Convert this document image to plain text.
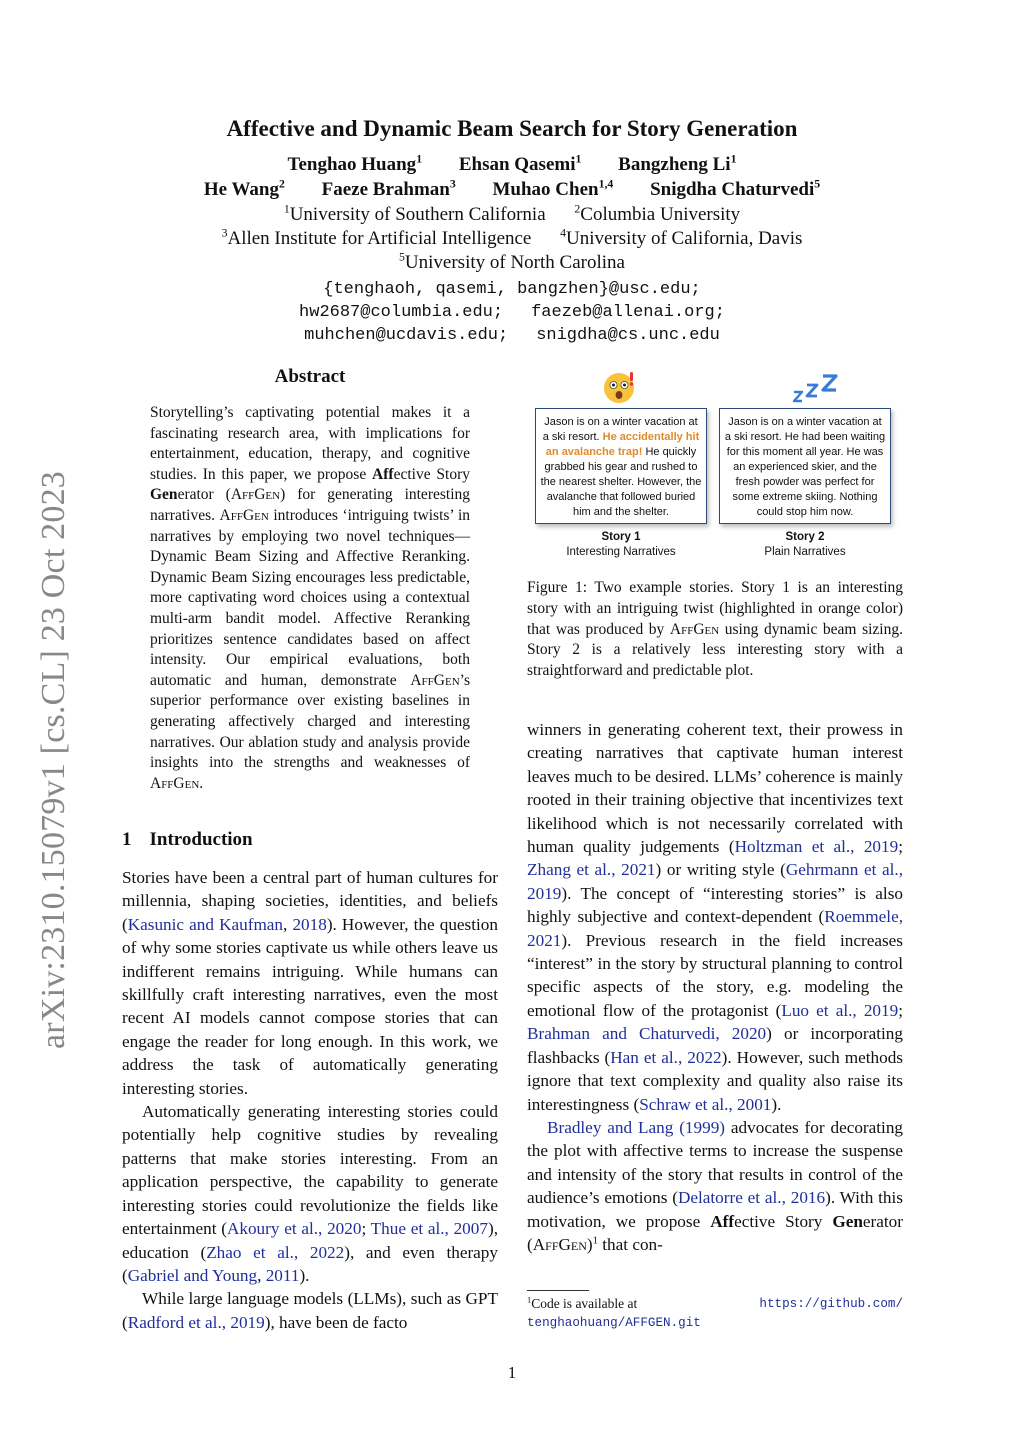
arXiv:2310.15079v1 [cs.CL] 23 Oct 2023
Affective and Dynamic Beam Search for Story Generation
Tenghao Huang$^1$ Ehsan Qasemi$^1$ Bangzheng Li$^1$
He Wang$^2$ Faeze Brahman$^3$ Muhao Chen$^{1,4}$ Snigdha Chaturvedi$^5$
$^1$University of Southern California $^2$Columbia University
$^3$Allen Institute for Artificial Intelligence $^4$University of California, Davis
$^5$University of North Carolina
{tenghaoh, qasemi, bangzhen}@usc.edu;
hw2687@columbia.edu; faezeb@allenai.org;
muhchen@ucdavis.edu; snigdha@cs.unc.edu
Abstract
Storytelling’s captivating potential makes it a fascinating research area, with implications for entertainment, education, therapy, and cognitive studies. In this paper, we propose Affective Story Generator (AffGen) for generating interesting narratives. AffGen introduces ‘intriguing twists’ in narratives by employing two novel techniques—Dynamic Beam Sizing and Affective Reranking. Dynamic Beam Sizing encourages less predictable, more captivating word choices using a contextual multi-arm bandit model. Affective Reranking prioritizes sentence candidates based on affect intensity. Our empirical evaluations, both automatic and human, demonstrate AffGen’s superior performance over existing baselines in generating affectively charged and interesting narratives. Our ablation study and analysis provide insights into the strengths and weaknesses of AffGen.
1 Introduction

Stories have been a central part of human cultures for millennia, shaping societies, identities, and beliefs (Kasunic and Kaufman, 2018). However, the question of why some stories captivate us while others leave us indifferent remains intriguing. While humans can skillfully craft interesting narratives, even the most recent AI models cannot compose stories that can engage the reader for long enough. In this work, we address the task of automatically generating interesting stories.

Automatically generating interesting stories could potentially help cognitive studies by revealing patterns that make stories interesting. From an application perspective, the capability to generate interesting stories could revolutionize the fields like entertainment (Akoury et al., 2020; Thue et al., 2007), education (Zhao et al., 2022), and even therapy (Gabriel and Young, 2011).

While large language models (LLMs), such as GPT (Radford et al., 2019), have been de facto

Jason is on a winter vacation at a ski resort. He accidentally hit an avalanche trap! He quickly grabbed his gear and rushed to the nearest shelter. However, the avalanche that followed buried him and the shelter.
Jason is on a winter vacation at a ski resort. He had been waiting for this moment all year. He was an experienced skier, and the fresh powder was perfect for some extreme skiing. Nothing could stop him now.
Story 1
Interesting Narratives
Story 2
Plain Narratives
Figure 1: Two example stories. Story 1 is an interesting story with an intriguing twist (highlighted in orange color) that was produced by AffGen using dynamic beam sizing. Story 2 is a relatively less interesting story with a straightforward and predictable plot.

winners in generating coherent text, their prowess in creating narratives that captivate human interest leaves much to be desired. LLMs’ coherence is mainly rooted in their training objective that incentivizes text likelihood which is not necessarily correlated with human quality judgements (Holtzman et al., 2019; Zhang et al., 2021) or writing style (Gehrmann et al., 2019). The concept of “interesting stories” is also highly subjective and context-dependent (Roemmele, 2021). Previous research in the field increases “interest” in the story by structural planning to control specific aspects of the story, e.g. modeling the emotional flow of the protagonist (Luo et al., 2019; Brahman and Chaturvedi, 2020) or incorporating flashbacks (Han et al., 2022). However, such methods ignore that text complexity and quality also raise its interestingness (Schraw et al., 2001).

Bradley and Lang (1999) advocates for decorating the plot with affective terms to increase the suspense and intensity of the story that results in control of the audience’s emotions (Delatorre et al., 2016). With this motivation, we propose Affective Story Generator (AffGen)$^1$ that con-

$^1$Code is available at	https://github.com/
tenghaohuang/AFFGEN.git
1
